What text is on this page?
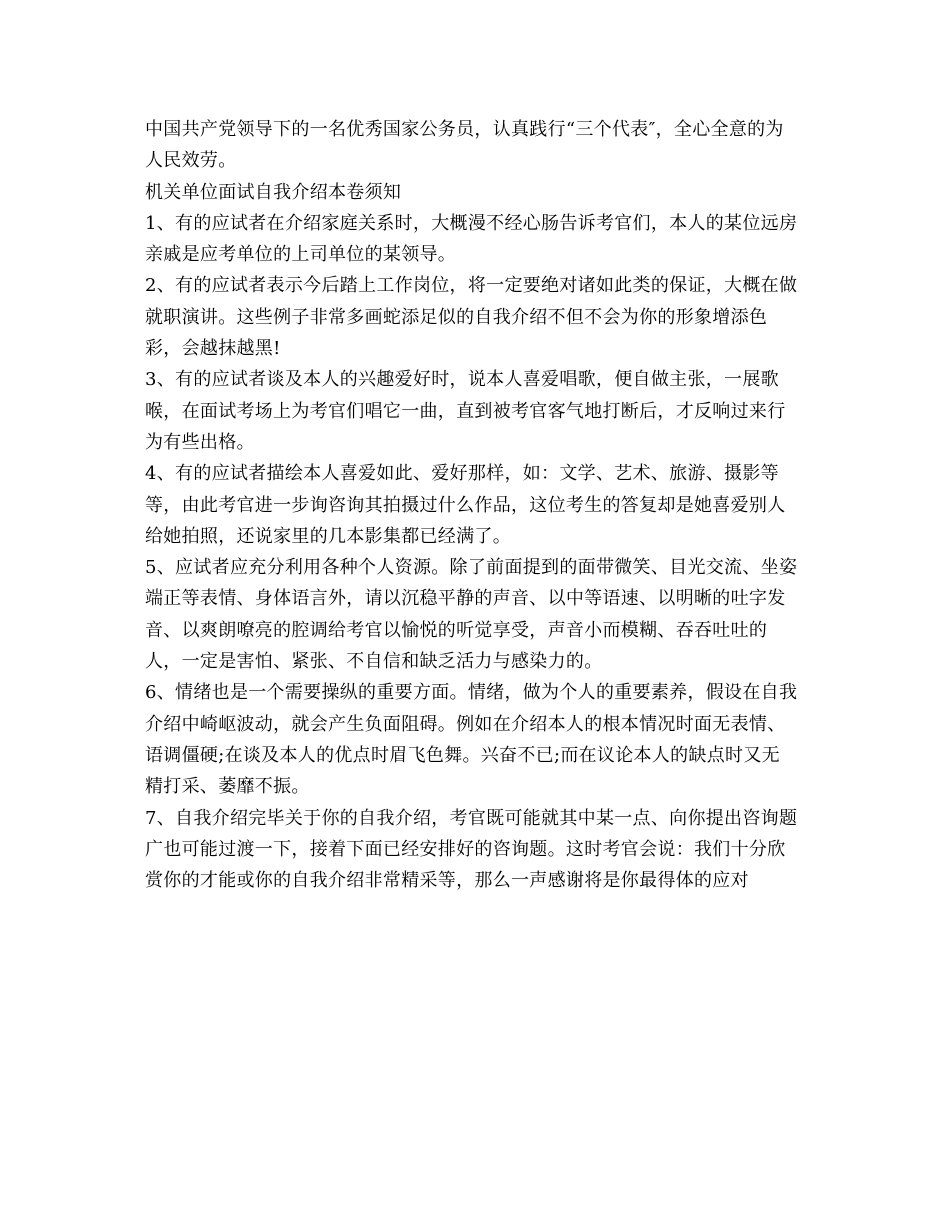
中国共产党领导下的一名优秀国家公务员，认真践行“三个代表″，全心全意的为
人民效劳。
机关单位面试自我介绍本卷须知
1、有的应试者在介绍家庭关系时，大概漫不经心肠告诉考官们，本人的某位远房
亲戚是应考单位的上司单位的某领导。
2、有的应试者表示今后踏上工作岗位，将一定要绝对诸如此类的保证，大概在做
就职演讲。这些例子非常多画蛇添足似的自我介绍不但不会为你的形象增添色
彩，会越抹越黑!
3、有的应试者谈及本人的兴趣爱好时，说本人喜爱唱歌，便自做主张，一展歌
喉，在面试考场上为考官们唱它一曲，直到被考官客气地打断后，才反响过来行
为有些出格。
4、有的应试者描绘本人喜爱如此、爱好那样，如：文学、艺术、旅游、摄影等
等，由此考官进一步询咨询其拍摄过什么作品，这位考生的答复却是她喜爱别人
给她拍照，还说家里的几本影集都已经满了。
5、应试者应充分利用各种个人资源。除了前面提到的面带微笑、目光交流、坐姿
端正等表情、身体语言外，请以沉稳平静的声音、以中等语速、以明晰的吐字发
音、以爽朗嘹亮的腔调给考官以愉悦的听觉享受，声音小而模糊、吞吞吐吐的
人，一定是害怕、紧张、不自信和缺乏活力与感染力的。
6、情绪也是一个需要操纵的重要方面。情绪，做为个人的重要素养，假设在自我
介绍中崎岖波动，就会产生负面阻碍。例如在介绍本人的根本情况时面无表情、
语调僵硬;在谈及本人的优点时眉飞色舞。兴奋不已;而在议论本人的缺点时又无
精打采、萎靡不振。
7、自我介绍完毕关于你的自我介绍，考官既可能就其中某一点、向你提出咨询题
广也可能过渡一下，接着下面已经安排好的咨询题。这时考官会说：我们十分欣
赏你的才能或你的自我介绍非常精采等，那么一声感谢将是你最得体的应对
